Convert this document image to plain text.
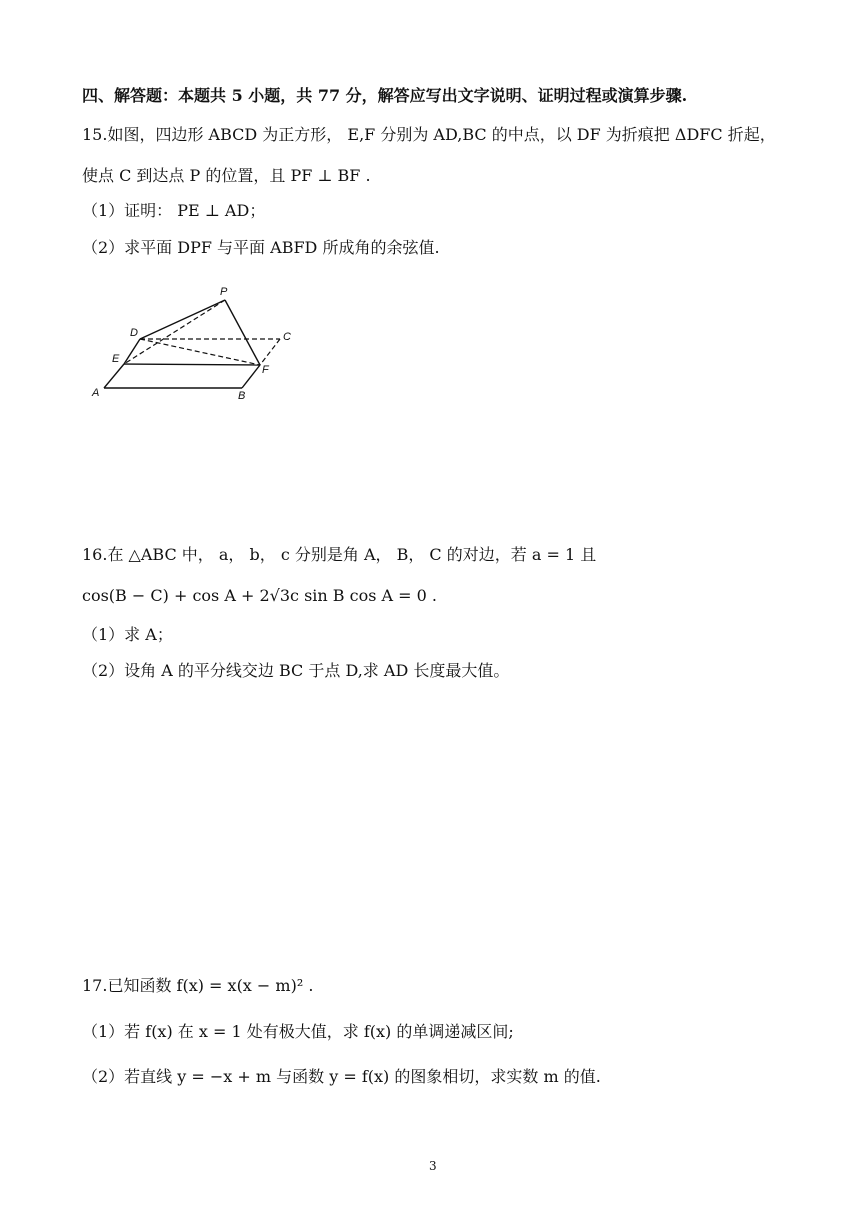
四、解答题：本题共 5 小题，共 77 分，解答应写出文字说明、证明过程或演算步骤.
15.如图，四边形 ABCD 为正方形， E,F 分别为 AD,BC 的中点，以 DF 为折痕把 ΔDFC 折起，
使点 C 到达点 P 的位置，且 PF ⊥ BF .
（1）证明： PE ⊥ AD；
（2）求平面 DPF 与平面 ABFD 所成角的余弦值.
P
D	C
E
F
A	B
16.在 △ABC 中， a， b， c 分别是角 A， B， C 的对边，若 a = 1 且
cos(B − C) + cos A + 2√3c sin B cos A = 0 .
（1）求 A；
（2）设角 A 的平分线交边 BC 于点 D,求 AD 长度最大值。
17.已知函数 f(x) = x(x − m)² .
（1）若 f(x) 在 x = 1 处有极大值，求 f(x) 的单调递减区间;
（2）若直线 y = −x + m 与函数 y = f(x) 的图象相切，求实数 m 的值.
3
